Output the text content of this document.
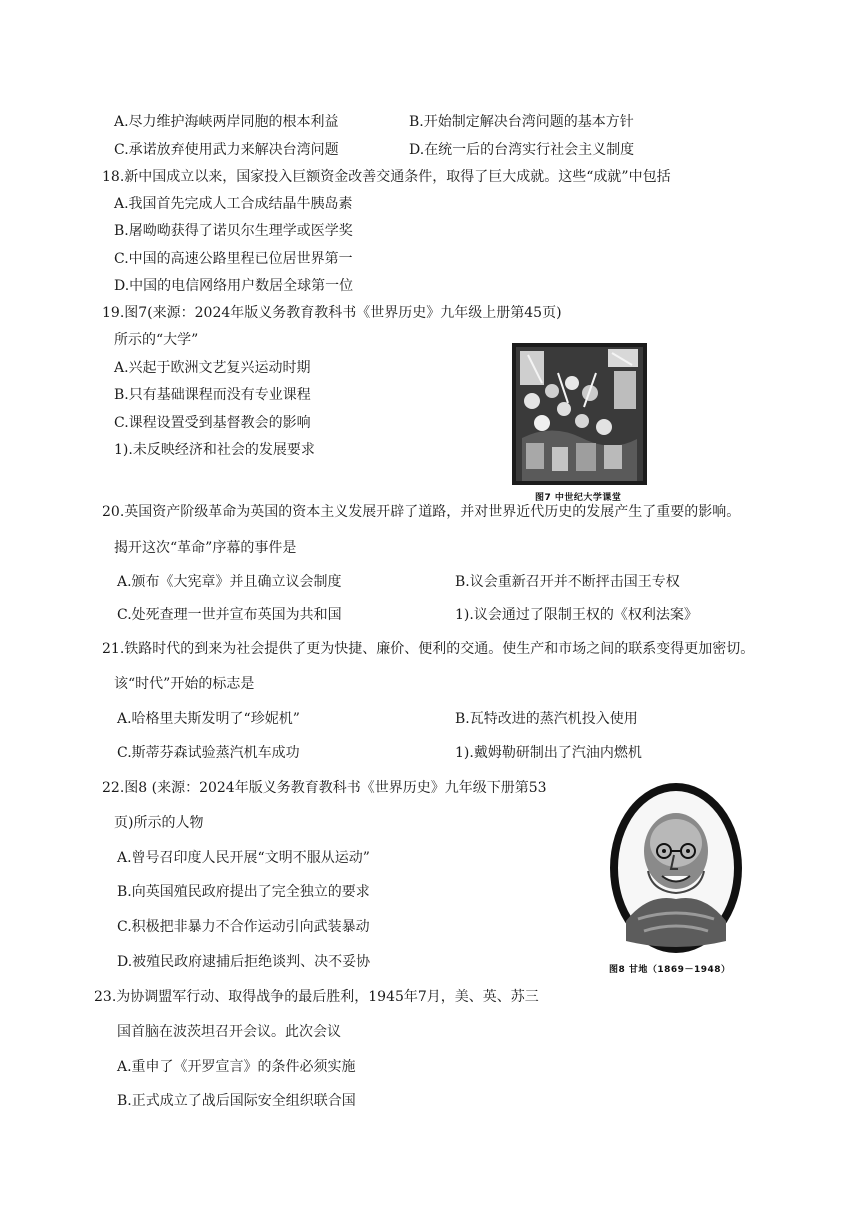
A.尽力维护海峡两岸同胞的根本利益	B.开始制定解决台湾问题的基本方针
C.承诺放弃使用武力来解决台湾问题	D.在统一后的台湾实行社会主义制度
18.新中国成立以来，国家投入巨额资金改善交通条件，取得了巨大成就。这些“成就”中包括
A.我国首先完成人工合成结晶牛胰岛素
B.屠呦呦获得了诺贝尔生理学或医学奖
C.中国的高速公路里程已位居世界第一
D.中国的电信网络用户数居全球第一位
19.图7(来源：2024年版义务教育教科书《世界历史》九年级上册第45页)
所示的“大学”
A.兴起于欧洲文艺复兴运动时期
B.只有基础课程而没有专业课程
C.课程设置受到基督教会的影响
1).未反映经济和社会的发展要求
图7 中世纪大学课堂
20.英国资产阶级革命为英国的资本主义发展开辟了道路，并对世界近代历史的发展产生了重要的影响。
揭开这次“革命”序幕的事件是
A.颁布《大宪章》并且确立议会制度	B.议会重新召开并不断抨击国王专权
C.处死查理一世并宣布英国为共和国	1).议会通过了限制王权的《权利法案》
21.铁路时代的到来为社会提供了更为快捷、廉价、便利的交通。使生产和市场之间的联系变得更加密切。
该“时代”开始的标志是
A.哈格里夫斯发明了“珍妮机”	B.瓦特改进的蒸汽机投入使用
C.斯蒂芬森试验蒸汽机车成功	1).戴姆勒研制出了汽油内燃机
22.图8 (来源：2024年版义务教育教科书《世界历史》九年级下册第53
页)所示的人物
A.曾号召印度人民开展“文明不服从运动”
B.向英国殖民政府提出了完全独立的要求
C.积极把非暴力不合作运动引向武装暴动
D.被殖民政府逮捕后拒绝谈判、决不妥协	图8 甘地（1869－1948）
23.为协调盟军行动、取得战争的最后胜利，1945年7月，美、英、苏三
国首脑在波茨坦召开会议。此次会议
A.重申了《开罗宣言》的条件必须实施
B.正式成立了战后国际安全组织联合国
